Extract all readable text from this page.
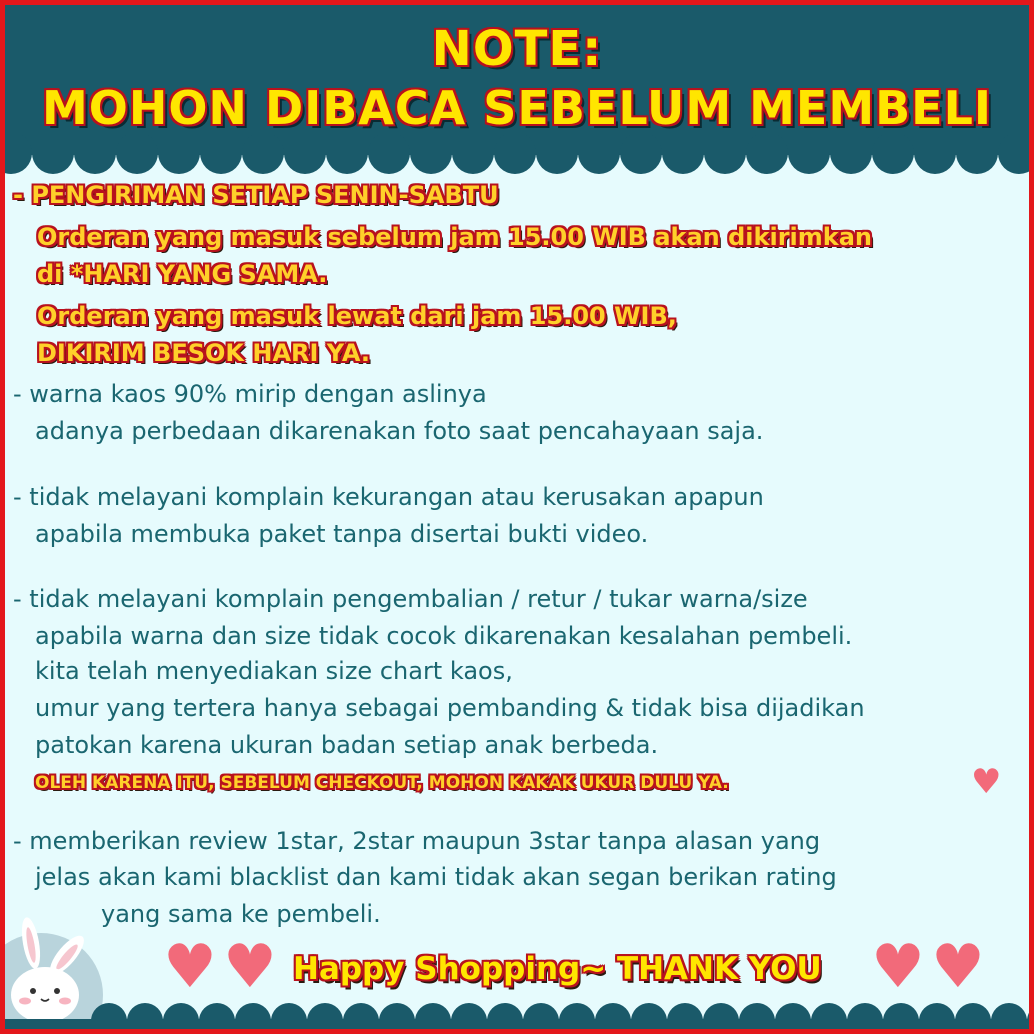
NOTE:
MOHON DIBACA SEBELUM MEMBELI
- PENGIRIMAN SETIAP SENIN-SABTU
Orderan yang masuk sebelum jam 15.00 WIB akan dikirimkan
di *HARI YANG SAMA.
Orderan yang masuk lewat dari jam 15.00 WIB,
DIKIRIM BESOK HARI YA.
- warna kaos 90% mirip dengan aslinya
adanya perbedaan dikarenakan foto saat pencahayaan saja.
- tidak melayani komplain kekurangan atau kerusakan apapun
apabila membuka paket tanpa disertai bukti video.
- tidak melayani komplain pengembalian / retur / tukar warna/size
apabila warna dan size tidak cocok dikarenakan kesalahan pembeli.
kita telah menyediakan size chart kaos,
umur yang tertera hanya sebagai pembanding & tidak bisa dijadikan
patokan karena ukuran badan setiap anak berbeda.
OLEH KARENA ITU, SEBELUM CHECKOUT, MOHON KAKAK UKUR DULU YA.	♥
- memberikan review 1star, 2star maupun 3star tanpa alasan yang
jelas akan kami blacklist dan kami tidak akan segan berikan rating
yang sama ke pembeli.
♥ ♥ Happy Shopping~ THANK YOU ♥ ♥
